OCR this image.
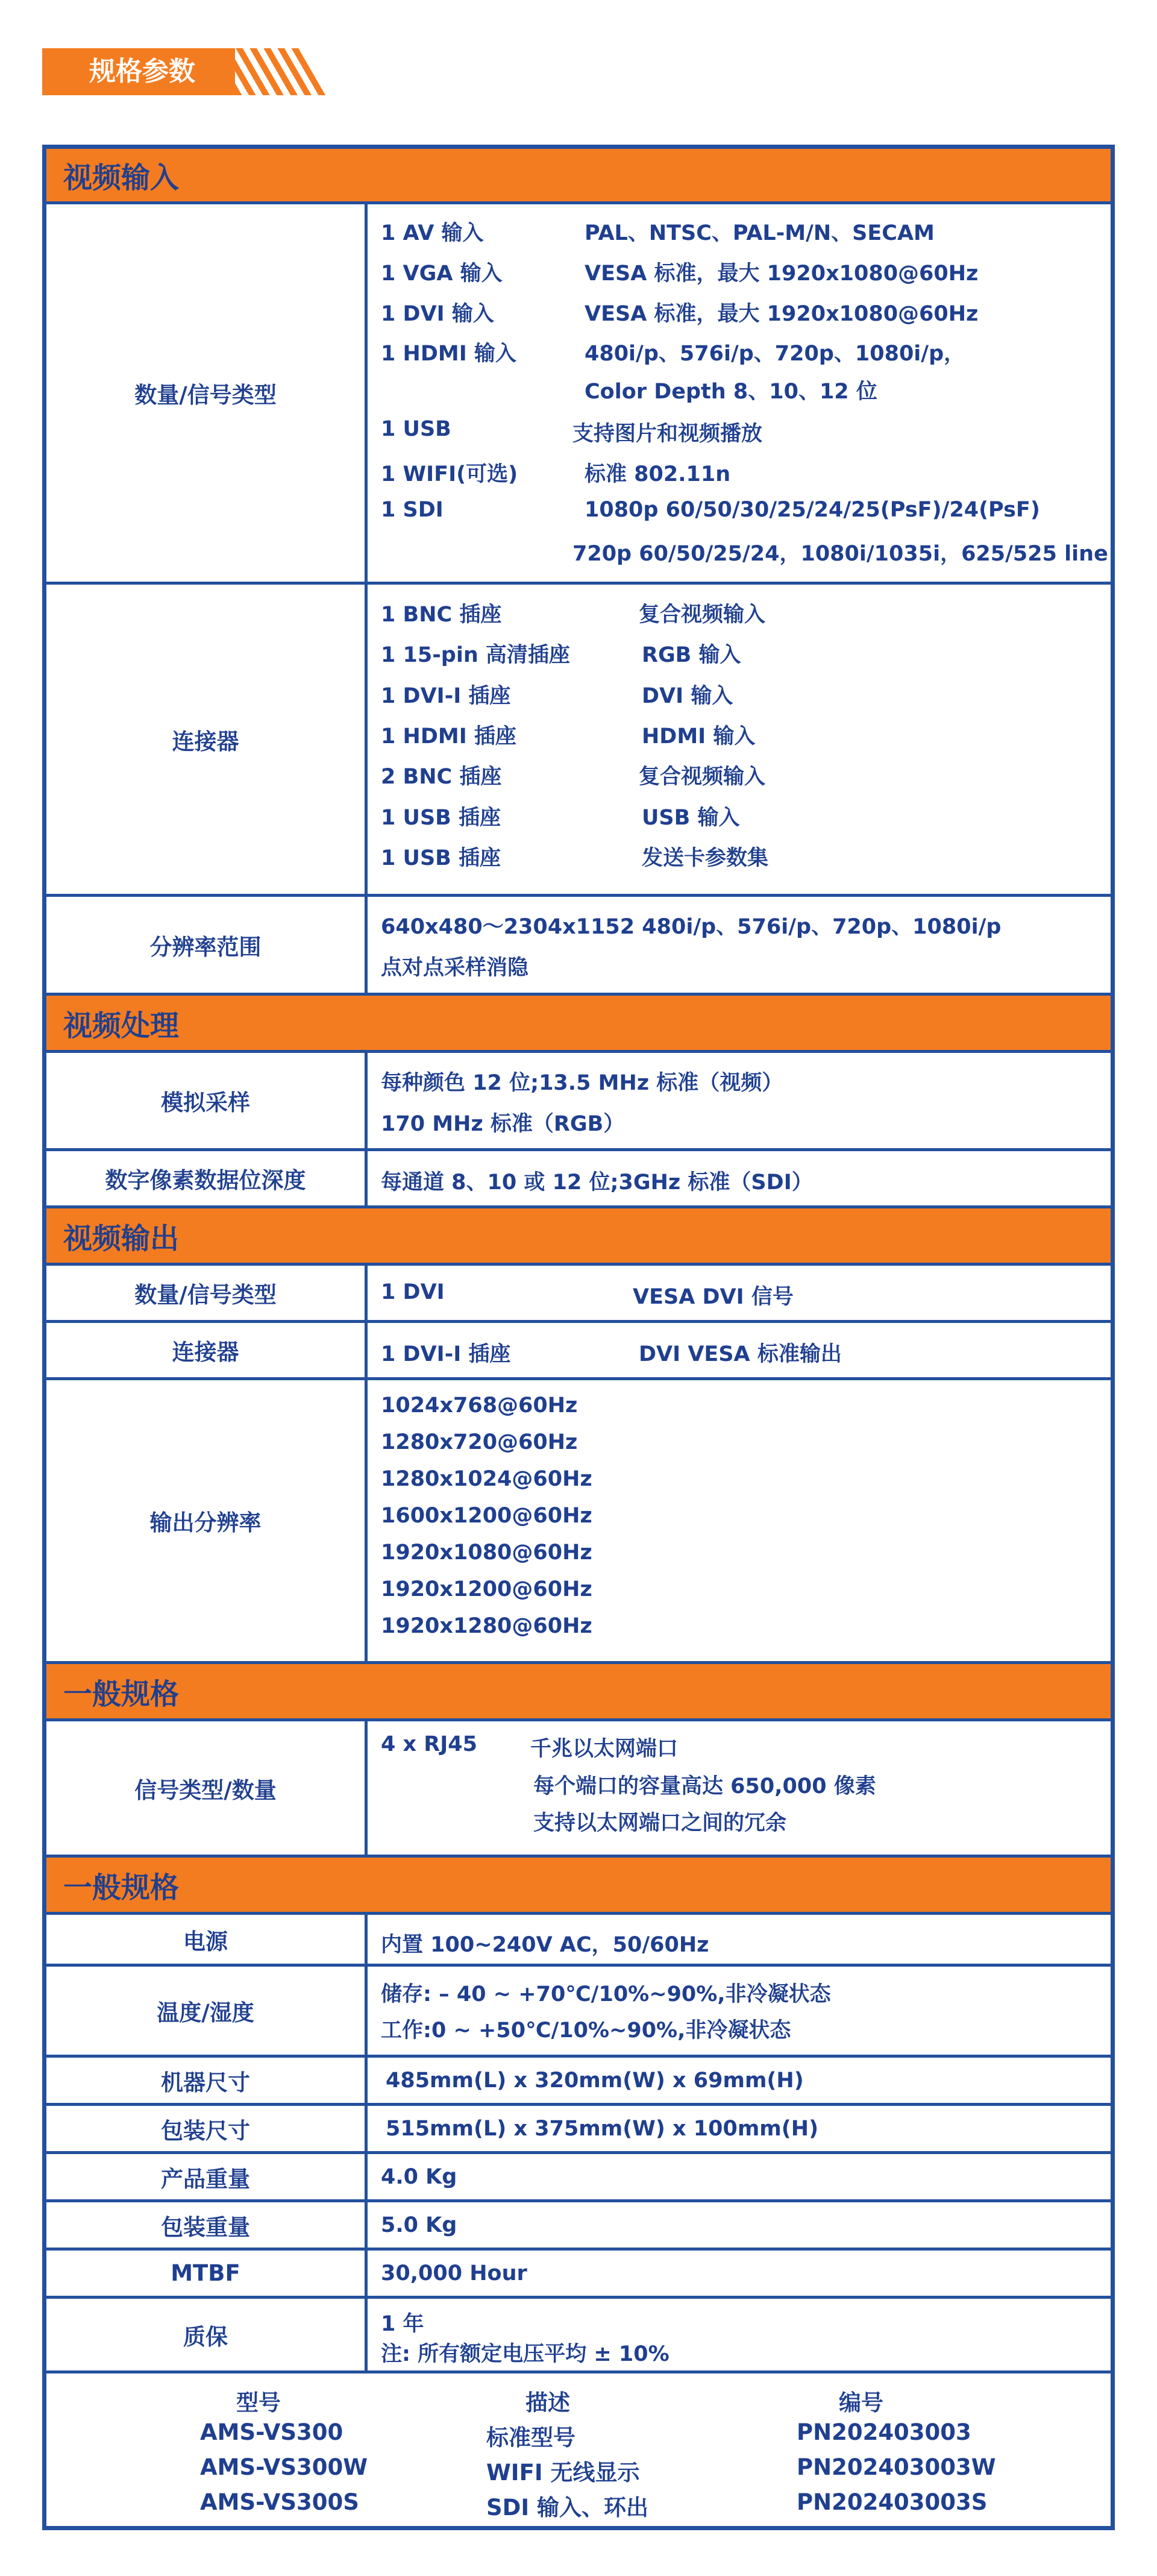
规格参数
视频输入
数量/信号类型
1 AV 输入	PAL、NTSC、PAL-M/N、SECAM
1 VGA 输入	VESA 标准，最大 1920x1080@60Hz
1 DVI 输入	VESA 标准，最大 1920x1080@60Hz
1 HDMI 输入	480i/p、576i/p、720p、1080i/p，
Color Depth 8、10、12 位
1 USB	支持图片和视频播放
1 WIFI(可选)	标准 802.11n
1 SDI	1080p 60/50/30/25/24/25(PsF)/24(PsF)
720p 60/50/25/24，1080i/1035i，625/525 line
连接器
1 BNC 插座	复合视频输入
1 15-pin 高清插座	RGB 输入
1 DVI-I 插座	DVI 输入
1 HDMI 插座	HDMI 输入
2 BNC 插座	复合视频输入
1 USB 插座	USB 输入
1 USB 插座	发送卡参数集
分辨率范围
640x480～2304x1152 480i/p、576i/p、720p、1080i/p
点对点采样消隐
视频处理
模拟采样
每种颜色 12 位;13.5 MHz 标准（视频）
170 MHz 标准（RGB）
数字像素数据位深度	每通道 8、10 或 12 位;3GHz 标准（SDI）
视频输出
数量/信号类型	1 DVI	VESA DVI 信号
连接器	1 DVI-I 插座	DVI VESA 标准输出
输出分辨率
1024x768@60Hz
1280x720@60Hz
1280x1024@60Hz
1600x1200@60Hz
1920x1080@60Hz
1920x1200@60Hz
1920x1280@60Hz
一般规格
信号类型/数量
4 x RJ45	千兆以太网端口
每个端口的容量高达 650,000 像素
支持以太网端口之间的冗余
一般规格
电源	内置 100~240V AC，50/60Hz
温度/湿度
储存: – 40 ~ +70℃/10%~90%,非冷凝状态
工作:0 ~ +50℃/10%~90%,非冷凝状态
机器尺寸	485mm(L) x 320mm(W) x 69mm(H)
包装尺寸	515mm(L) x 375mm(W) x 100mm(H)
产品重量	4.0 Kg
包装重量	5.0 Kg
MTBF	30,000 Hour
质保	1 年
注: 所有额定电压平均 ± 10%
型号	描述	编号
AMS-VS300	标准型号	PN202403003
AMS-VS300W	WIFI 无线显示	PN202403003W
AMS-VS300S	SDI 输入、环出	PN202403003S
